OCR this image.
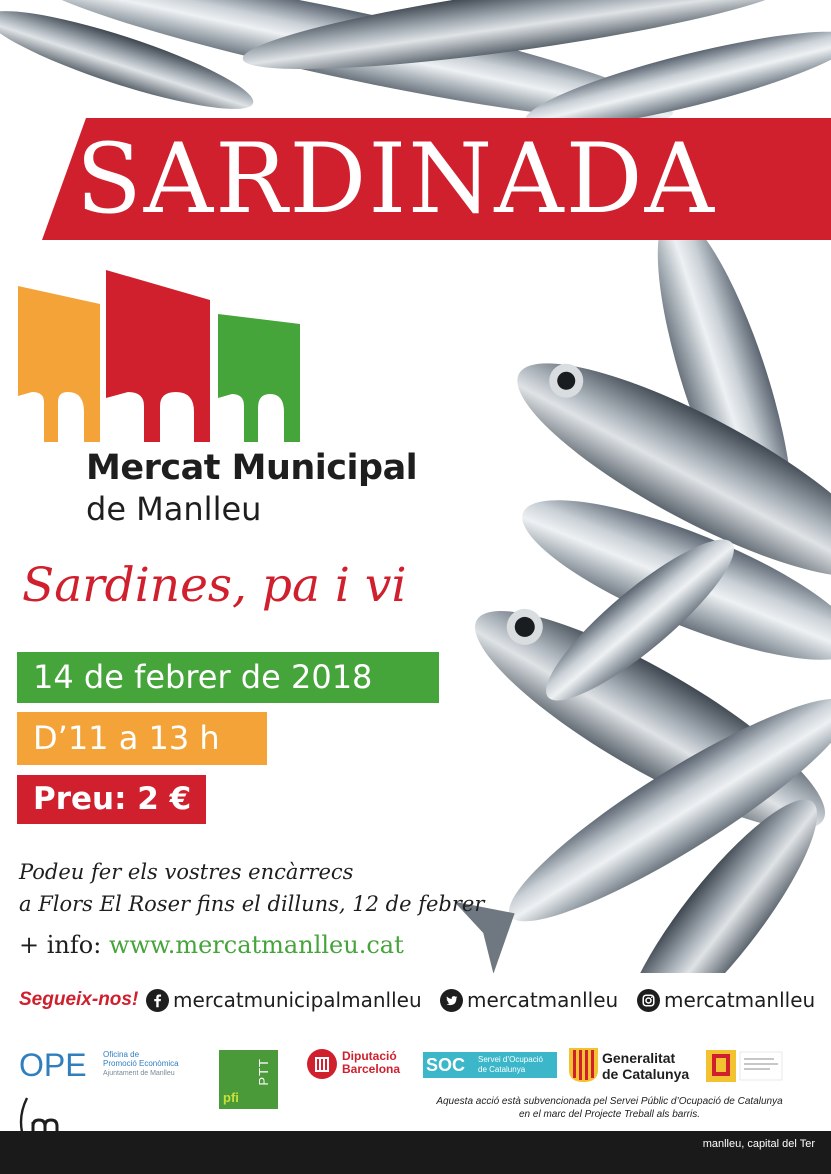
SARDINADA
Mercat Municipal
de Manlleu
Sardines, pa i vi
14 de febrer de 2018
D’11 a 13 h
Preu: 2 €
Podeu fer els vostres encàrrecs
a Flors El Roser fins el dilluns, 12 de febrer
+ info: www.mercatmanlleu.cat
Segueix-nos! mercatmunicipalmanlleu mercatmanlleu mercatmanlleu
OPE Oficina de
Promoció Econòmica
Ajuntament de Manlleu
pfi
PTT
Diputació
Barcelona SOC Servei d’Ocupació
de Catalunya
Generalitat
de Catalunya
Aquesta acció està subvencionada pel Servei Públic d’Ocupació de Catalunya
en el marc del Projecte Treball als barris.
manlleu, capital del Ter
